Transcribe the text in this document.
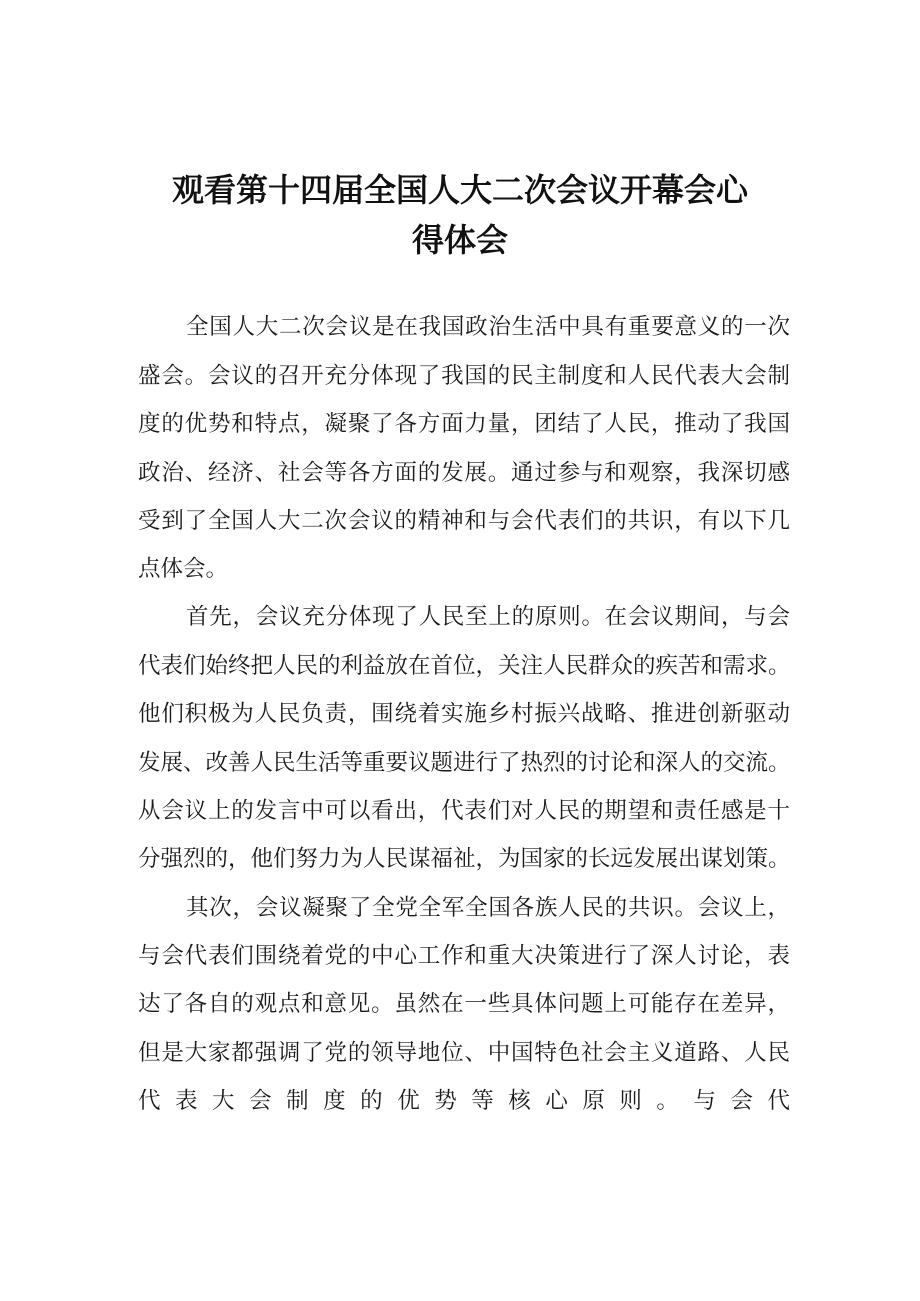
观看第十四届全国人大二次会议开幕会心
得体会
全国人大二次会议是在我国政治生活中具有重要意义的一次
盛会。会议的召开充分体现了我国的民主制度和人民代表大会制
度的优势和特点，凝聚了各方面力量，团结了人民，推动了我国
政治、经济、社会等各方面的发展。通过参与和观察，我深切感
受到了全国人大二次会议的精神和与会代表们的共识，有以下几
点体会。
首先，会议充分体现了人民至上的原则。在会议期间，与会
代表们始终把人民的利益放在首位，关注人民群众的疾苦和需求。
他们积极为人民负责，围绕着实施乡村振兴战略、推进创新驱动
发展、改善人民生活等重要议题进行了热烈的讨论和深人的交流。
从会议上的发言中可以看出，代表们对人民的期望和责任感是十
分强烈的，他们努力为人民谋福祉，为国家的长远发展出谋划策。
其次，会议凝聚了全党全军全国各族人民的共识。会议上，
与会代表们围绕着党的中心工作和重大决策进行了深人讨论，表
达了各自的观点和意见。虽然在一些具体问题上可能存在差异，
但是大家都强调了党的领导地位、中国特色社会主义道路、人民
代表大会制度的优势等核心原则。与会代
